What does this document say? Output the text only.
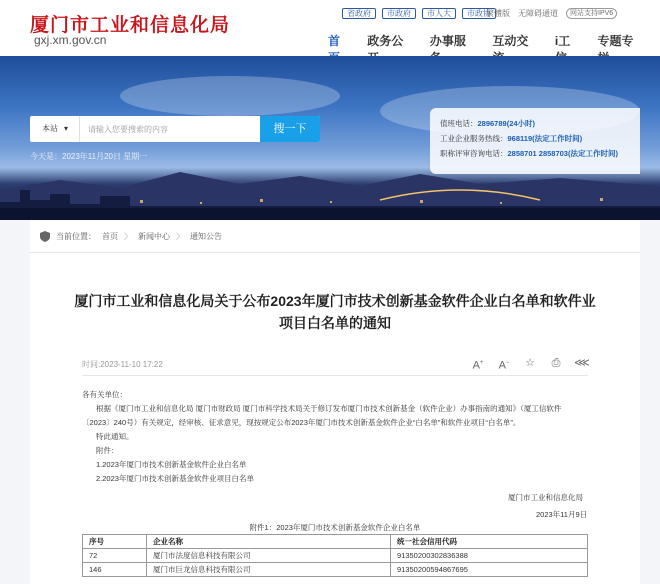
厦门市工业和信息化局
gxj.xm.gov.cn
省政府	市政府	市人大	市政协
繁體版 无障碍通道	网站支持IPV6
首	政务公	办事服	互动交	i工	专题专
本站 ▾
请输入您要搜索的内容	搜一下
今天是：2023年11月20日 星期一
值班电话：2896789(24小时)
工业企业服务热线：968119(法定工作时间)
职称评审咨询电话：2858701 2858703(法定工作时间)
当前位置： 首页 〉 新闻中心 〉 通知公告
厦门市工业和信息化局关于公布2023年厦门市技术创新基金软件企业白名单和软件业
项目白名单的通知
时间:2023-11-10 17:22	A+ A− ☆	⎙	⋘
各有关单位：
根据《厦门市工业和信息化局 厦门市财政局 厦门市科学技术局关于修订发布厦门市技术创新基金（软件企业）办事指南的通知》（厦工信软件
〔2023〕240号）有关规定，经审核、征求意见，现按规定公布2023年厦门市技术创新基金软件企业“白名单”和软件业项目“白名单”。
特此通知。
附件：
1.2023年厦门市技术创新基金软件企业白名单
2.2023年厦门市技术创新基金软件业项目白名单
厦门市工业和信息化局
2023年11月9日
附件1：2023年厦门市技术创新基金软件企业白名单
序号	企业名称	统一社会信用代码
72	厦门市法度信息科技有限公司	91350200302836388
146	厦门市巨龙信息科技有限公司	91350200594867695
